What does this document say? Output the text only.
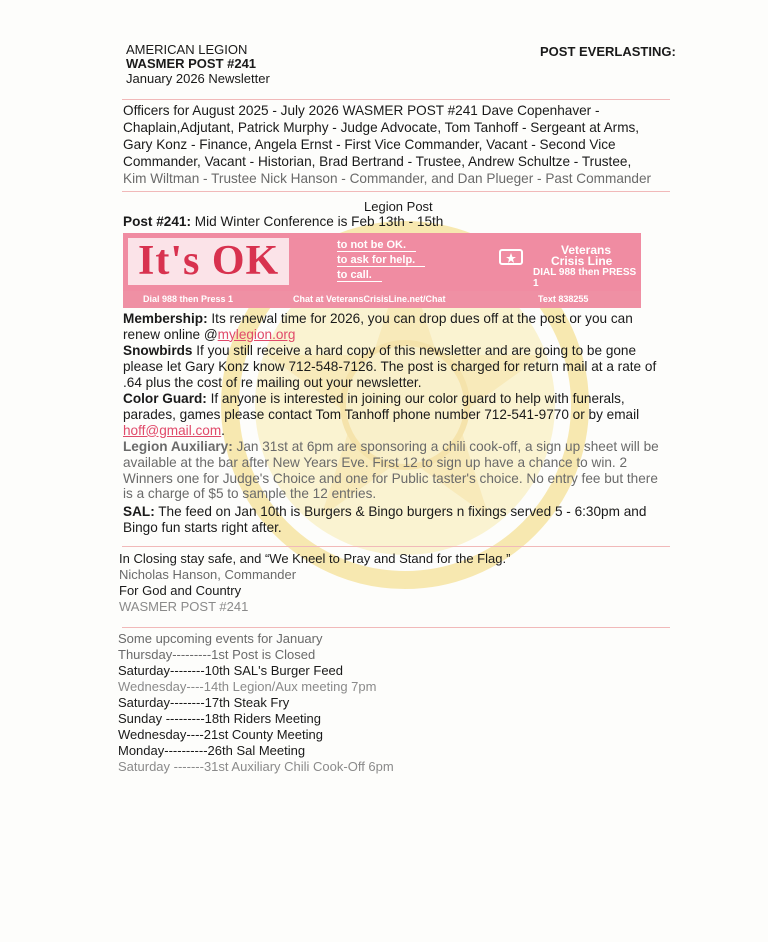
AMERICAN LEGION
WASMER POST #241
January 2026 Newsletter
POST EVERLASTING:
Officers for August 2025 - July 2026 WASMER POST #241 Dave Copenhaver -
Chaplain,Adjutant, Patrick Murphy - Judge Advocate, Tom Tanhoff - Sergeant at Arms,
Gary Konz - Finance, Angela Ernst - First Vice Commander, Vacant - Second Vice
Commander, Vacant - Historian, Brad Bertrand - Trustee, Andrew Schultze - Trustee,
Kim Wiltman - Trustee Nick Hanson - Commander, and Dan Plueger - Past Commander
Legion Post
Post #241: Mid Winter Conference is Feb 13th - 15th
It's OK	to not be OK.
to ask for help.
to call.
Veterans
Crisis Line
DIAL 988 then PRESS 1
Dial 988 then Press 1	Chat at VeteransCrisisLine.net/Chat	Text 838255
Membership: Its renewal time for 2026, you can drop dues off at the post or you can renew online @mylegion.org
Snowbirds If you still receive a hard copy of this newsletter and are going to be gone please let Gary Konz know 712-548-7126. The post is charged for return mail at a rate of .64 plus the cost of re mailing out your newsletter.
Color Guard: If anyone is interested in joining our color guard to help with funerals, parades, games please contact Tom Tanhoff phone number 712-541-9770 or by email hoff@gmail.com.
Legion Auxiliary: Jan 31st at 6pm are sponsoring a chili cook-off, a sign up sheet will be available at the bar after New Years Eve. First 12 to sign up have a chance to win. 2 Winners one for Judge's Choice and one for Public taster's choice. No entry fee but there is a charge of $5 to sample the 12 entries.
SAL: The feed on Jan 10th is Burgers & Bingo burgers n fixings served 5 - 6:30pm and Bingo fun starts right after.
In Closing stay safe, and “We Kneel to Pray and Stand for the Flag.”
Nicholas Hanson, Commander
For God and Country
WASMER POST #241
Some upcoming events for January
Thursday---------1st Post is Closed
Saturday--------10th SAL's Burger Feed
Wednesday----14th Legion/Aux meeting 7pm
Saturday--------17th Steak Fry
Sunday ---------18th Riders Meeting
Wednesday----21st County Meeting
Monday----------26th Sal Meeting
Saturday -------31st Auxiliary Chili Cook-Off 6pm
